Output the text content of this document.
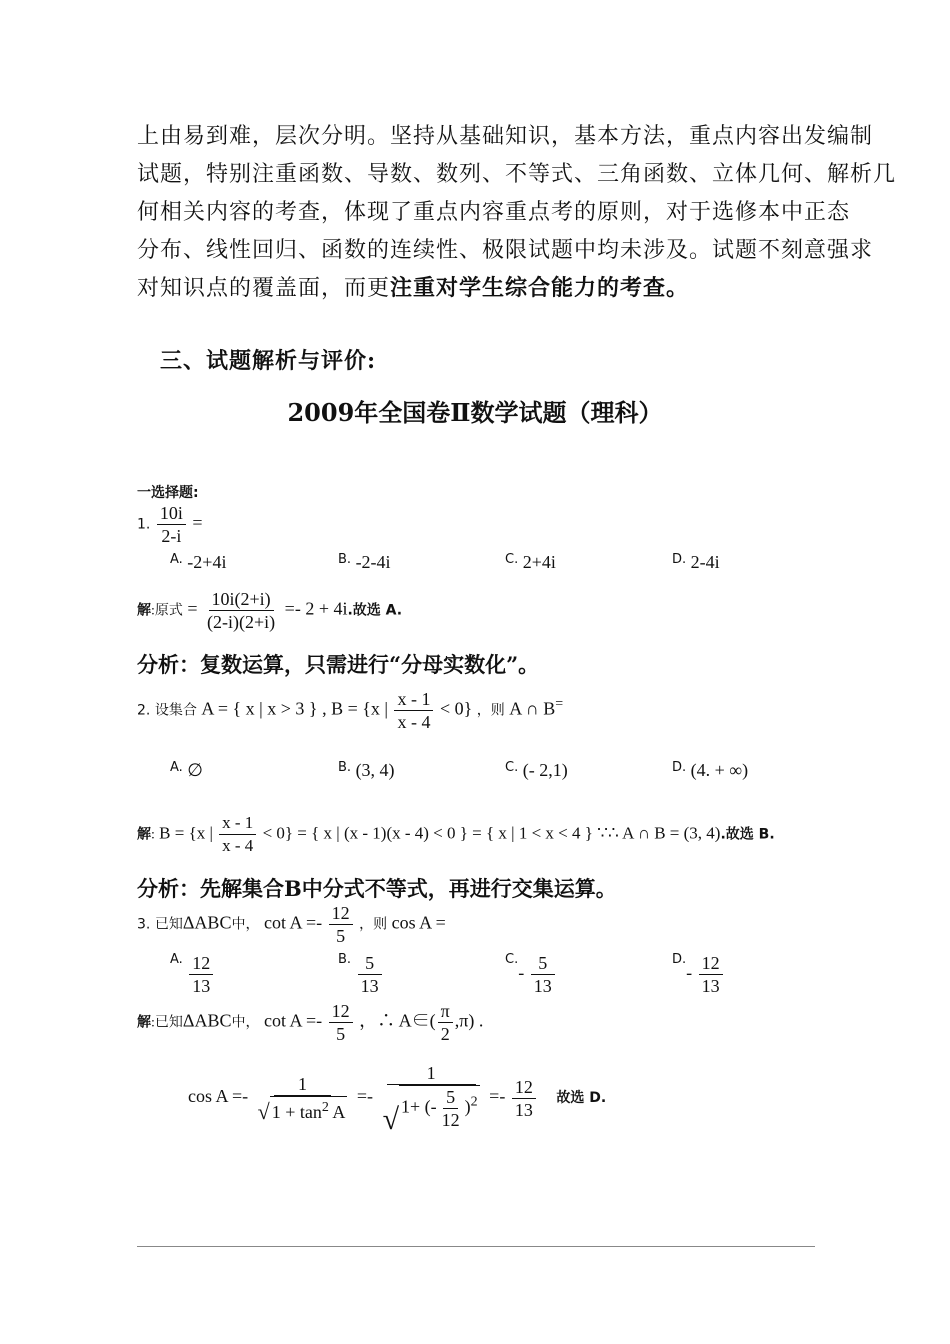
上由易到难，层次分明。坚持从基础知识，基本方法，重点内容出发编制
试题，特别注重函数、导数、数列、不等式、三角函数、立体几何、解析几
何相关内容的考查，体现了重点内容重点考的原则，对于选修本中正态
分布、线性回归、函数的连续性、极限试题中均未涉及。试题不刻意强求
对知识点的覆盖面，而更注重对学生综合能力的考查。
三、试题解析与评价:
2009年全国卷Ⅱ数学试题（理科）
一选择题:
1. $\frac{10i}{2-i}$ =
$^{A.}$ -2+4i	$^{B.}$ -2-4i	$^{C.}$ 2+4i	$^{D.}$ 2-4i
解:原式 = $\frac{10i(2+i)}{(2-i)(2+i)} =- 2 + 4i$.故选 A.
分析：复数运算，只需进行“分母实数化”。
2. 设集合 A = { x | x > 3 } , B = {x | $\frac{x - 1}{x - 4} < 0$} ，则 A ∩ B=
$^{A.}$ ∅	$^{B.}$ (3, 4)	$^{C.}$ (- 2,1)	$^{D.}$ (4. + ∞)
解: B = {x | $\frac{x - 1}{x - 4} < 0$} = { x | (x - 1)(x - 4) < 0 } = { x | 1 < x < 4 } ∵∴ A ∩ B = (3, 4).故选 B.
分析：先解集合B中分式不等式，再进行交集运算。
3. 已知ΔABC中， $\cot A =- \frac{12}{5}$ ，则 cos A =
$^{A.} \frac{12}{13}$	$^{B.} \frac{5}{13}$	$^{C.}- \frac{5}{13}$	$^{D.}- \frac{12}{13}$
解:已知ΔABC中， $\cot A =- \frac{12}{5}$ ，∴ A∈( $\frac{\pi}{2} ,\pi$) .
$\cos A =- \frac{1}{√ 1 + \tan^2 A} =- \frac{1}{√ 1+ (- \frac{5}{12} )^2} =- \frac{12}{13}$ 故选 D.
